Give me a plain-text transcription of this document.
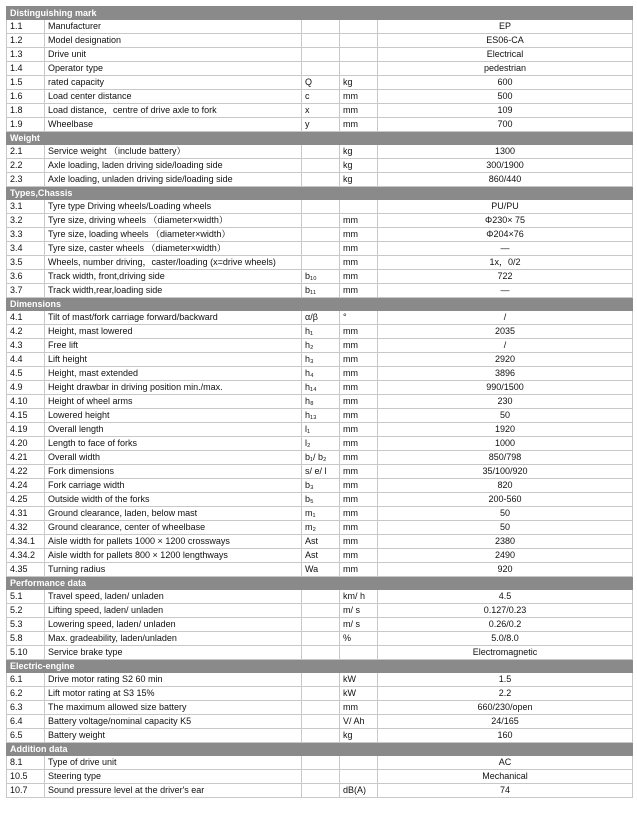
Distinguishing mark				
1.1	Manufacturer			EP
1.2	Model designation			ES06-CA
1.3	Drive unit			Electrical
1.4	Operator type			pedestrian
1.5	rated capacity	Q	kg	600
1.6	Load center distance	c	mm	500
1.8	Load distance，centre of drive axle to fork	x	mm	109
1.9	Wheelbase	y	mm	700
Weight				
2.1	Service weight （include battery）		kg	1300
2.2	Axle loading, laden driving side/loading side		kg	300/1900
2.3	Axle loading, unladen driving side/loading side		kg	860/440
Types,Chassis				
3.1	Tyre type Driving wheels/Loading wheels			PU/PU
3.2	Tyre size, driving wheels （diameter×width）		mm	Φ230× 75
3.3	Tyre size, loading wheels （diameter×width）		mm	Φ204×76
3.4	Tyre size, caster wheels （diameter×width）		mm	—
3.5	Wheels, number driving，caster/loading (x=drive wheels)		mm	1x，0/2
3.6	Track width, front,driving side	b₁₀	mm	722
3.7	Track width,rear,loading side	b₁₁	mm	—
Dimensions				
4.1	Tilt of mast/fork carriage forward/backward	α/β	°	/
4.2	Height, mast lowered	h₁	mm	2035
4.3	Free lift	h₂	mm	/
4.4	Lift height	h₃	mm	2920
4.5	Height, mast extended	h₄	mm	3896
4.9	Height drawbar in driving position min./max.	h₁₄	mm	990/1500
4.10	Height of wheel arms	h₈	mm	230
4.15	Lowered height	h₁₃	mm	50
4.19	Overall length	l₁	mm	1920
4.20	Length to face of forks	l₂	mm	1000
4.21	Overall width	b₁/ b₂	mm	850/798
4.22	Fork dimensions	s/ e/ l	mm	35/100/920
4.24	Fork carriage width	b₃	mm	820
4.25	Outside width of the forks	b₅	mm	200-560
4.31	Ground clearance, laden, below mast	m₁	mm	50
4.32	Ground clearance, center of wheelbase	m₂	mm	50
4.34.1	Aisle width for pallets 1000 × 1200 crossways	Ast	mm	2380
4.34.2	Aisle width for pallets 800 × 1200 lengthways	Ast	mm	2490
4.35	Turning radius	Wa	mm	920
Performance data				
5.1	Travel speed, laden/ unladen		km/ h	4.5
5.2	Lifting speed, laden/ unladen		m/ s	0.127/0.23
5.3	Lowering speed, laden/ unladen		m/ s	0.26/0.2
5.8	Max. gradeability, laden/unladen		%	5.0/8.0
5.10	Service brake type			Electromagnetic
Electric-engine				
6.1	Drive motor rating S2 60 min		kW	1.5
6.2	Lift motor rating at S3 15%		kW	2.2
6.3	The maximum allowed size battery		mm	660/230/open
6.4	Battery voltage/nominal capacity K5		V/ Ah	24/165
6.5	Battery weight		kg	160
Addition data				
8.1	Type of drive unit			AC
10.5	Steering type			Mechanical
10.7	Sound pressure level at the driver's ear		dB(A)	74
